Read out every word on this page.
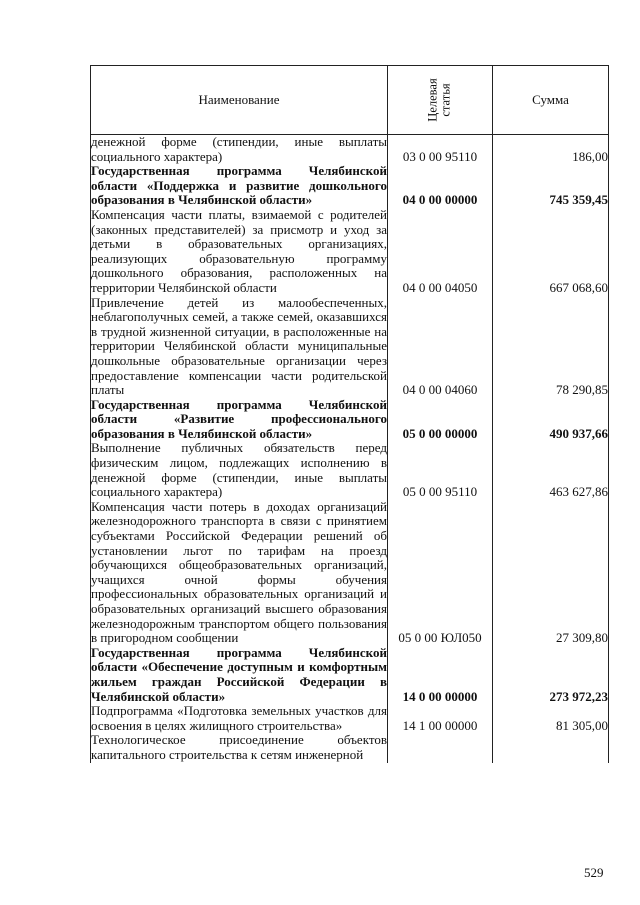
Наименование	Целевая статья	Сумма
денежной форме (стипендии, иные выплаты социального характера)	03 0 00 95110	186,00
Государственная программа Челябинской области «Поддержка и развитие дошкольного образования в Челябинской области»	04 0 00 00000	745 359,45
Компенсация части платы, взимаемой с родителей (законных представителей) за присмотр и уход за детьми в образовательных организациях, реализующих образовательную программу дошкольного образования, расположенных на территории Челябинской области	04 0 00 04050	667 068,60
Привлечение детей из малообеспеченных, неблагополучных семей, а также семей, оказавшихся в трудной жизненной ситуации, в расположенные на территории Челябинской области муниципальные дошкольные образовательные организации через предоставление компенсации части родительской платы	04 0 00 04060	78 290,85
Государственная программа Челябинской области «Развитие профессионального образования в Челябинской области»	05 0 00 00000	490 937,66
Выполнение публичных обязательств перед физическим лицом, подлежащих исполнению в денежной форме (стипендии, иные выплаты социального характера)	05 0 00 95110	463 627,86
Компенсация части потерь в доходах организаций железнодорожного транспорта в связи с принятием субъектами Российской Федерации решений об установлении льгот по тарифам на проезд обучающихся общеобразовательных организаций, учащихся очной формы обучения профессиональных образовательных организаций и образовательных организаций высшего образования железнодорожным транспортом общего пользования в пригородном сообщении	05 0 00 ЮЛ050	27 309,80
Государственная программа Челябинской области «Обеспечение доступным и комфортным жильем граждан Российской Федерации в Челябинской области»	14 0 00 00000	273 972,23
Подпрограмма «Подготовка земельных участков для освоения в целях жилищного строительства»	14 1 00 00000	81 305,00
Технологическое присоединение объектов капитального строительства к сетям инженерной		
529
